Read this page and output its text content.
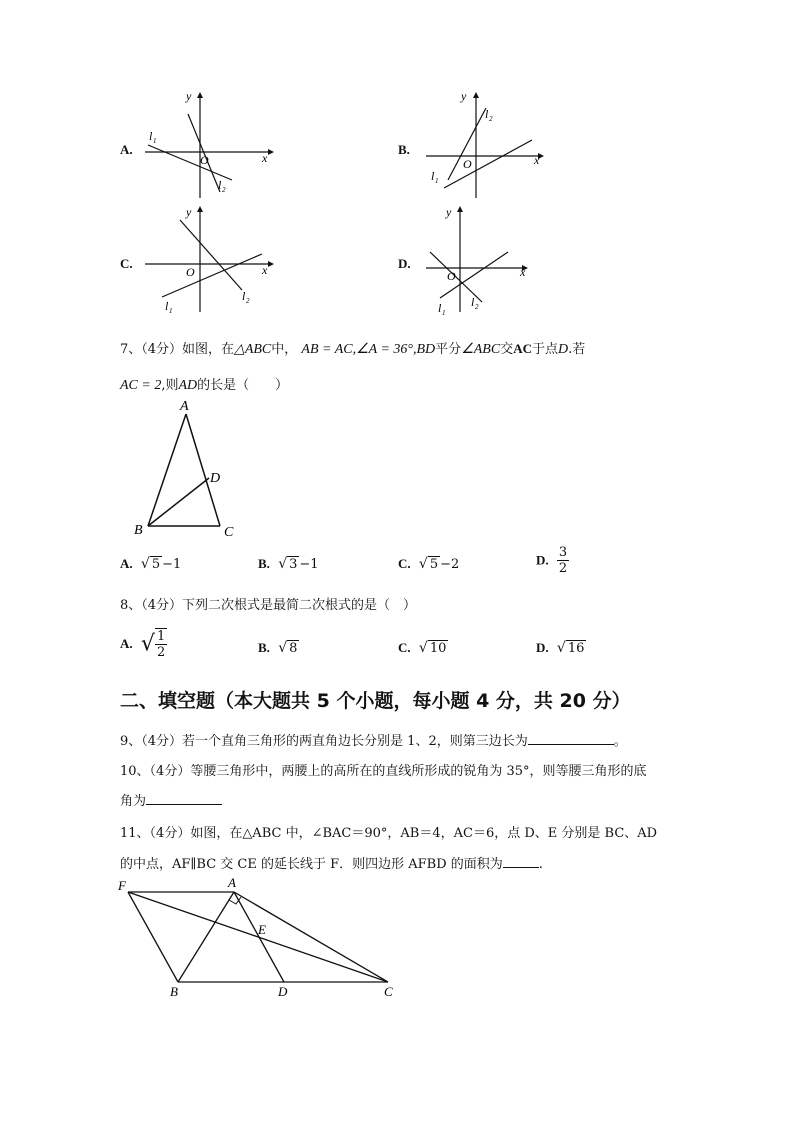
A.
y
x
O
l 1
l 2
B.
y
x
O
l 1
l 2
C.
y
x
O
l 1
l 2
D.
y
x
O
l 1
l 2
7、（4分）如图，在△ABC中， AB = AC,∠A = 36°,BD平分∠ABC交AC于点D.若
AC = 2,则AD的长是（　　）
A
B	C
D
A. √ 5 −1	B. √ 3 −1	C. √ 5 −2	D. $\frac{3}{2}$
8、（4分）下列二次根式是最简二次根式的是（　）
A. √ $\frac{1}{2}$	B. √ 8	C. √ 10	D. √ 16
二、填空题（本大题共 5 个小题，每小题 4 分，共 20 分）
9、（4分）若一个直角三角形的两直角边长分别是 1、2，则第三边长为	。
10、（4分）等腰三角形中，两腰上的高所在的直线所形成的锐角为 35°，则等腰三角形的底
角为
11、（4分）如图，在△ABC 中，∠BAC＝90°，AB＝4，AC＝6，点 D、E 分别是 BC、AD
的中点，AF∥BC 交 CE 的延长线于 F．则四边形 AFBD 的面积为	.
F	A
E
B	D	C
